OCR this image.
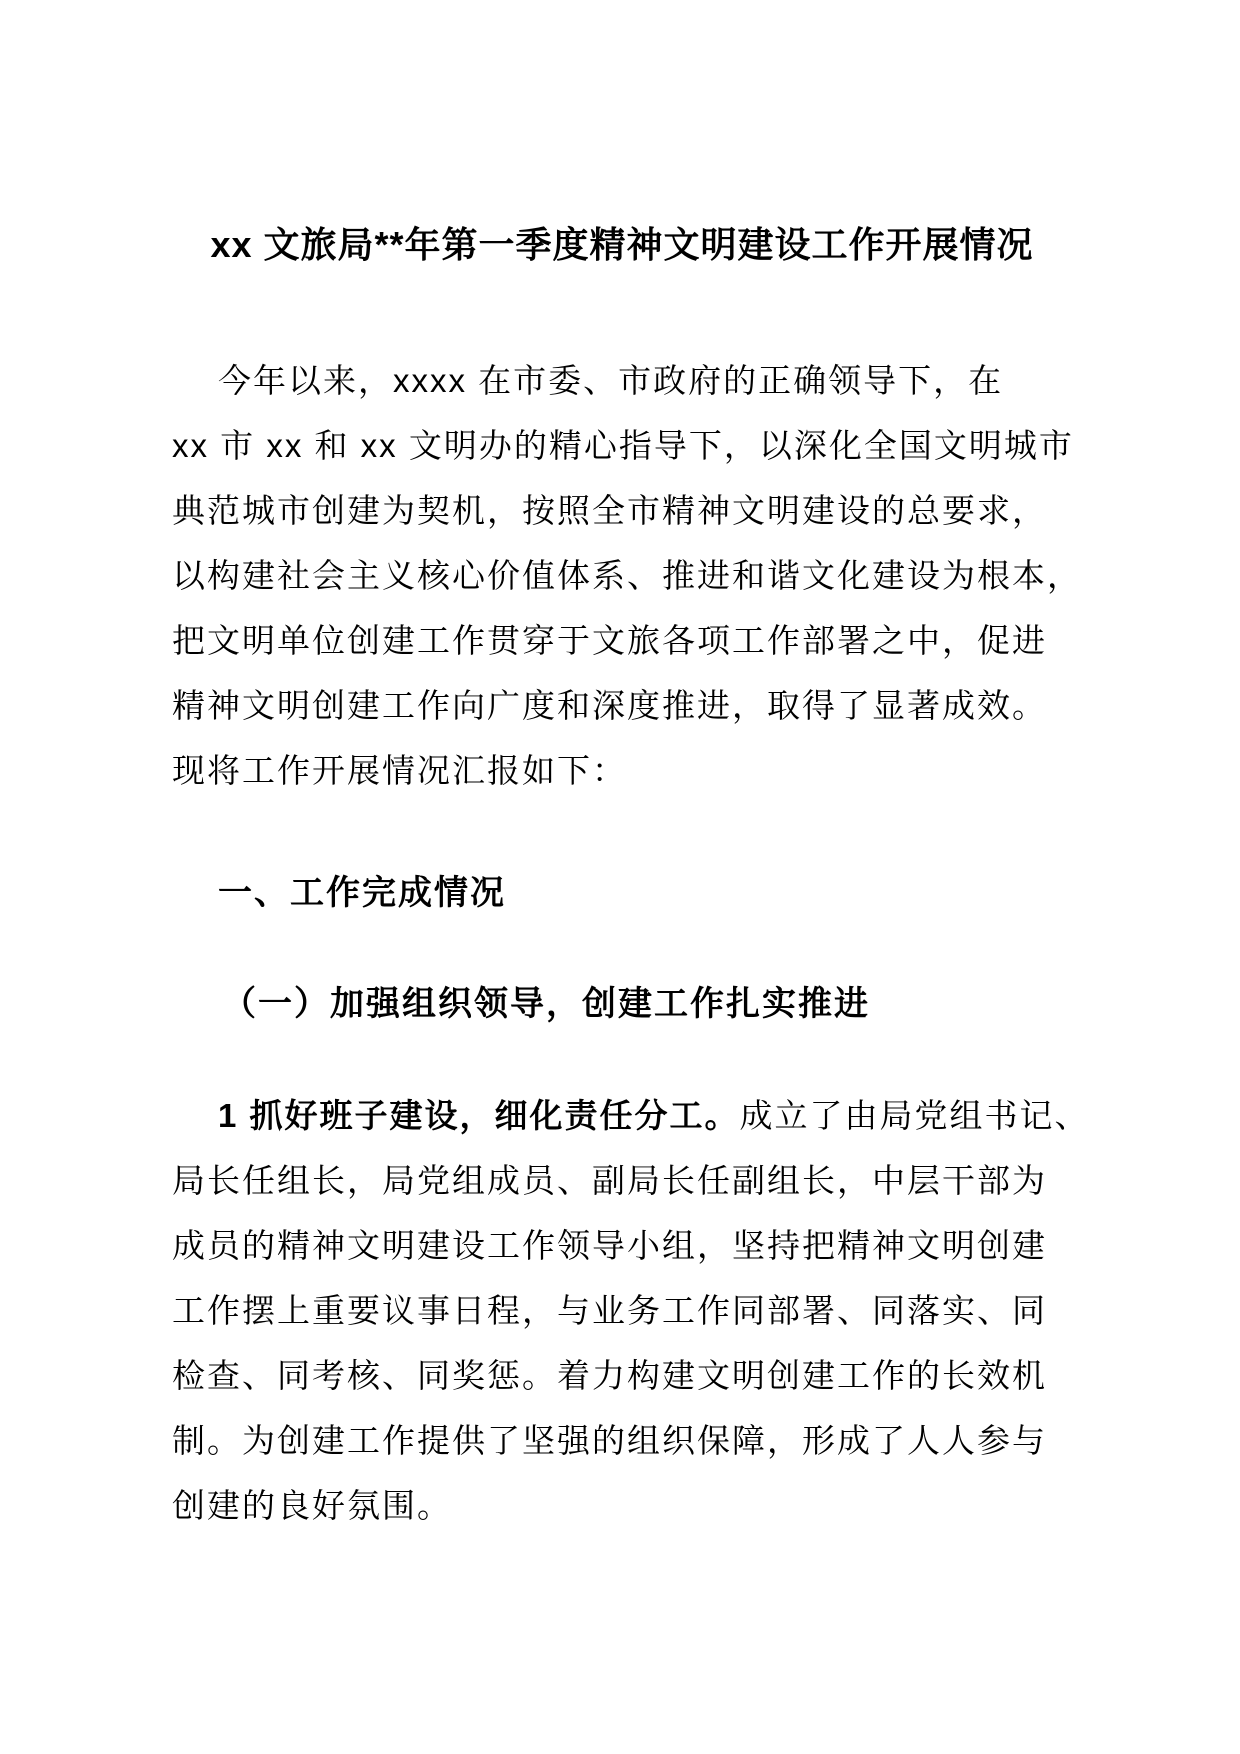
xx 文旅局**年第一季度精神文明建设工作开展情况
今年以来，xxxx 在市委、市政府的正确领导下，在
xx 市 xx 和 xx 文明办的精心指导下，以深化全国文明城市
典范城市创建为契机，按照全市精神文明建设的总要求，
以构建社会主义核心价值体系、推进和谐文化建设为根本，
把文明单位创建工作贯穿于文旅各项工作部署之中，促进
精神文明创建工作向广度和深度推进，取得了显著成效。
现将工作开展情况汇报如下：
一、工作完成情况
（一）加强组织领导，创建工作扎实推进
1 抓好班子建设，细化责任分工。成立了由局党组书记、
局长任组长，局党组成员、副局长任副组长，中层干部为
成员的精神文明建设工作领导小组，坚持把精神文明创建
工作摆上重要议事日程，与业务工作同部署、同落实、同
检查、同考核、同奖惩。着力构建文明创建工作的长效机
制。为创建工作提供了坚强的组织保障，形成了人人参与
创建的良好氛围。
